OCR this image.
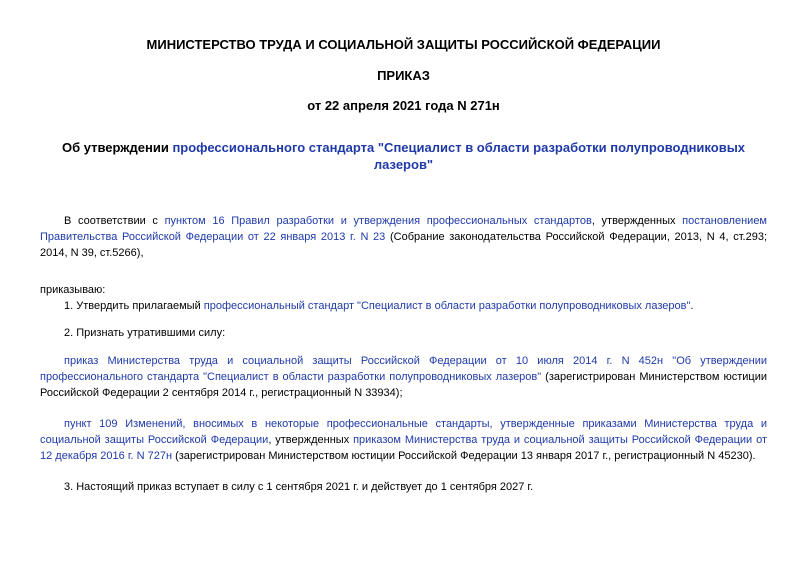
МИНИСТЕРСТВО ТРУДА И СОЦИАЛЬНОЙ ЗАЩИТЫ РОССИЙСКОЙ ФЕДЕРАЦИИ

ПРИКАЗ

от 22 апреля 2021 года N 271н

Об утверждении профессионального стандарта "Специалист в области разработки полупроводниковых лазеров"

В соответствии с пунктом 16 Правил разработки и утверждения профессиональных стандартов, утвержденных постановлением Правительства Российской Федерации от 22 января 2013 г. N 23 (Собрание законодательства Российской Федерации, 2013, N 4, ст.293; 2014, N 39, ст.5266),

приказываю:

1. Утвердить прилагаемый профессиональный стандарт "Специалист в области разработки полупроводниковых лазеров".

2. Признать утратившими силу:

приказ Министерства труда и социальной защиты Российской Федерации от 10 июля 2014 г. N 452н "Об утверждении профессионального стандарта "Специалист в области разработки полупроводниковых лазеров" (зарегистрирован Министерством юстиции Российской Федерации 2 сентября 2014 г., регистрационный N 33934);

пункт 109 Изменений, вносимых в некоторые профессиональные стандарты, утвержденные приказами Министерства труда и социальной защиты Российской Федерации, утвержденных приказом Министерства труда и социальной защиты Российской Федерации от 12 декабря 2016 г. N 727н (зарегистрирован Министерством юстиции Российской Федерации 13 января 2017 г., регистрационный N 45230).

3. Настоящий приказ вступает в силу с 1 сентября 2021 г. и действует до 1 сентября 2027 г.
